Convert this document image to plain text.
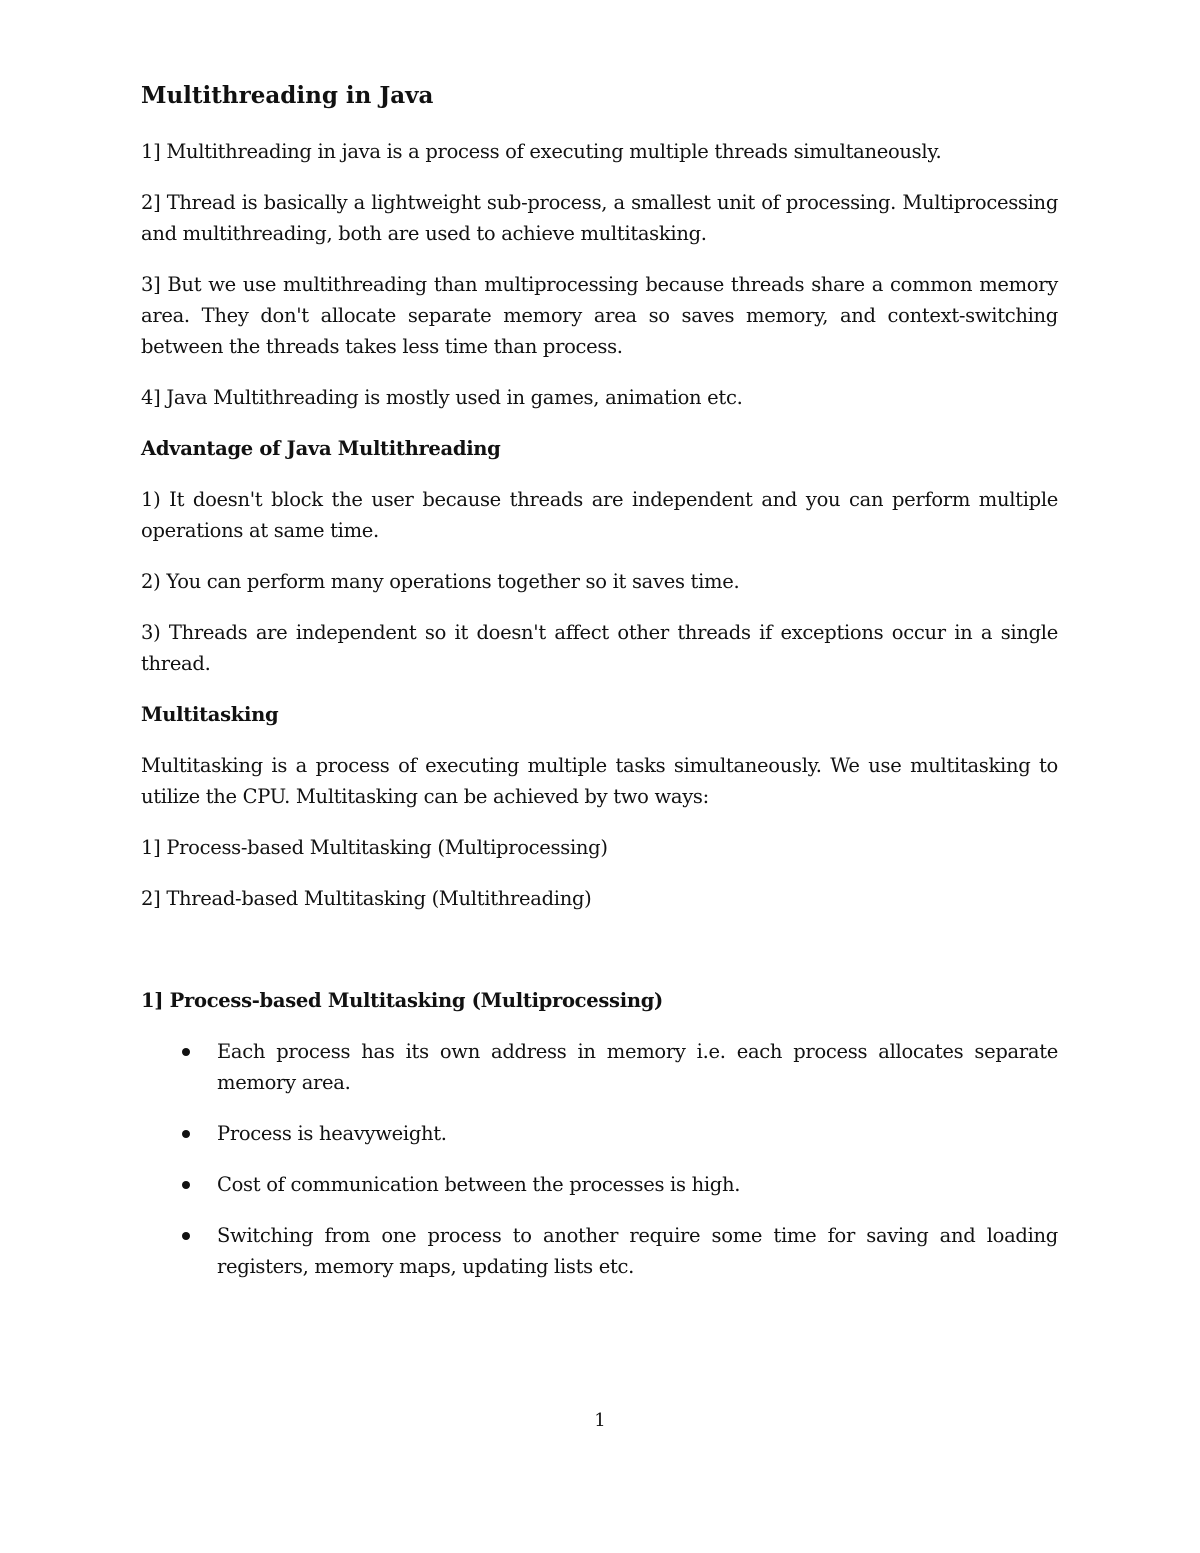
Multithreading in Java

1] Multithreading in java is a process of executing multiple threads simultaneously.

2] Thread is basically a lightweight sub-process, a smallest unit of processing. Multiprocessing and multithreading, both are used to achieve multitasking.

3] But we use multithreading than multiprocessing because threads share a common memory area. They don't allocate separate memory area so saves memory, and context-switching between the threads takes less time than process.

4] Java Multithreading is mostly used in games, animation etc.

Advantage of Java Multithreading

1) It doesn't block the user because threads are independent and you can perform multiple operations at same time.

2) You can perform many operations together so it saves time.

3) Threads are independent so it doesn't affect other threads if exceptions occur in a single thread.

Multitasking

Multitasking is a process of executing multiple tasks simultaneously. We use multitasking to utilize the CPU. Multitasking can be achieved by two ways:

1] Process-based Multitasking (Multiprocessing)

2] Thread-based Multitasking (Multithreading)

1] Process-based Multitasking (Multiprocessing)
Each process has its own address in memory i.e. each process allocates separate memory area.
Process is heavyweight.
Cost of communication between the processes is high.
Switching from one process to another require some time for saving and loading registers, memory maps, updating lists etc.
1
